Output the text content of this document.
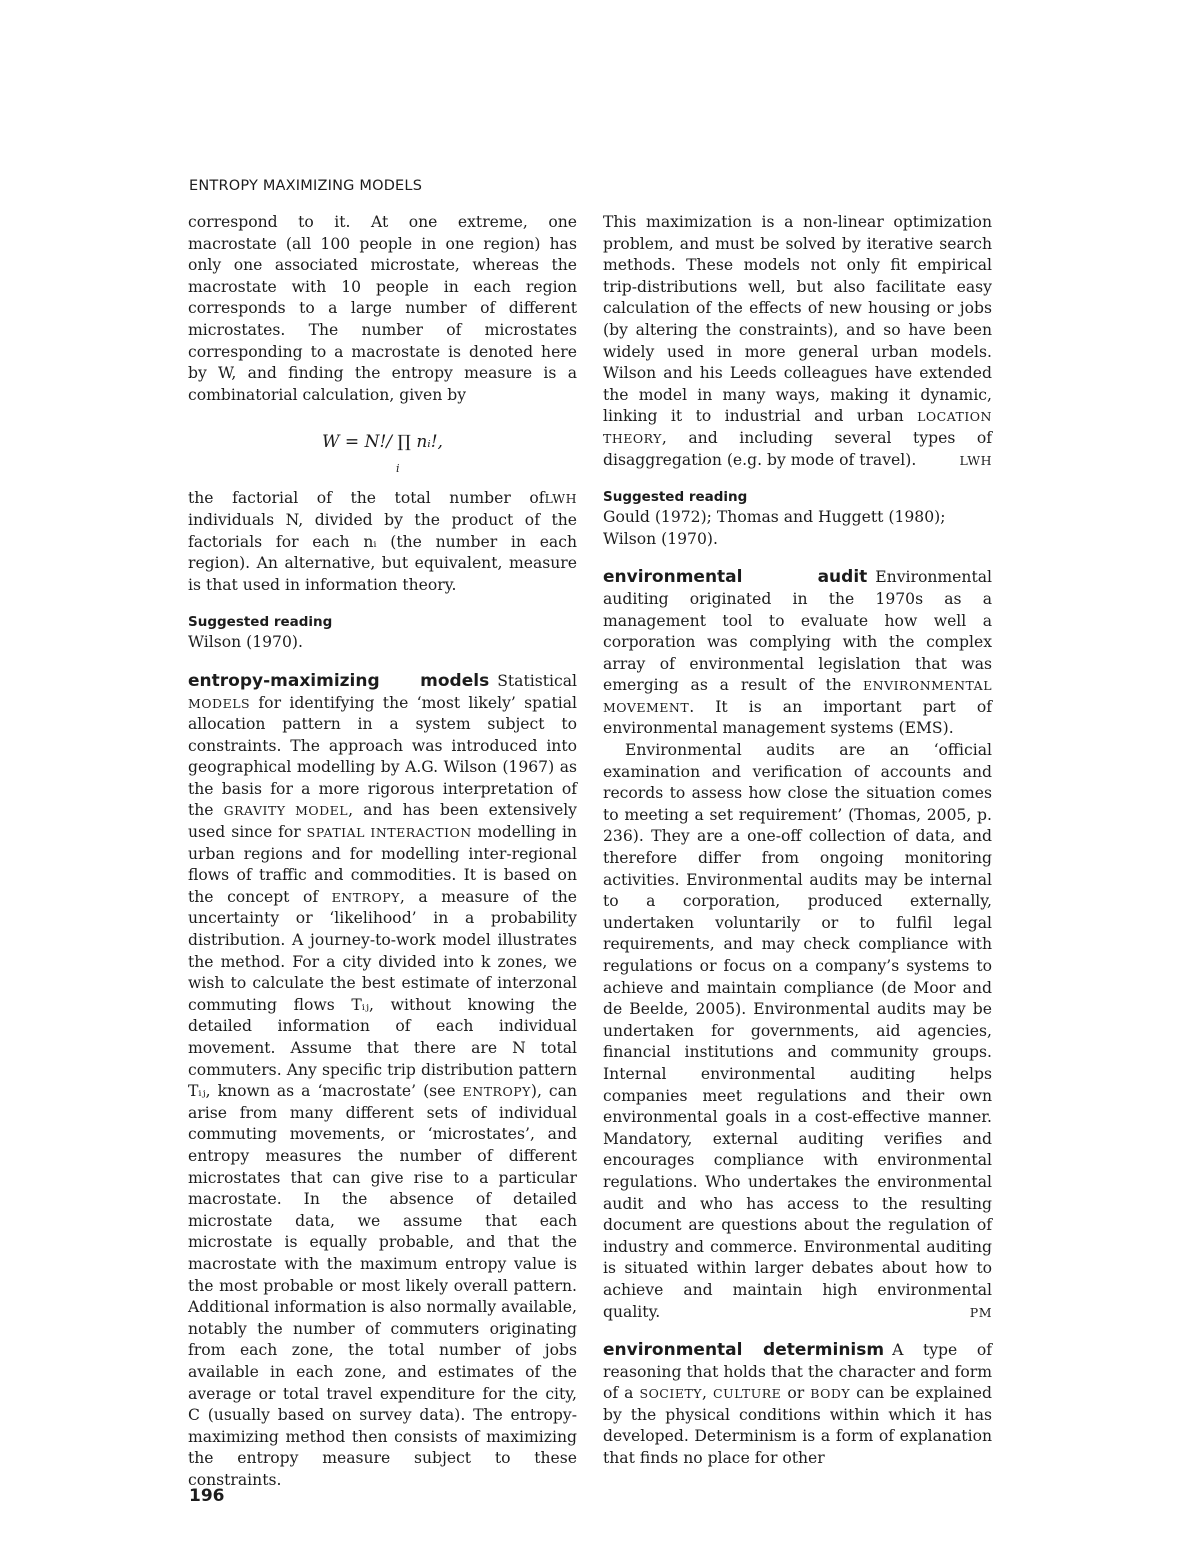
ENTROPY MAXIMIZING MODELS

correspond to it. At one extreme, one macrostate (all 100 people in one region) has only one associated microstate, whereas the macrostate with 10 people in each region corresponds to a large number of different microstates. The number of microstates corresponding to a macrostate is denoted here by W, and finding the entropy measure is a combinatorial calculation, given by

W = N!/ ∏ nᵢ!,
i

LWH
the factorial of the total number of individuals N, divided by the product of the factorials for each nᵢ (the number in each region). An alternative, but equivalent, measure is that used in information theory.

Suggested reading

Wilson (1970).

entropy-maximizing models Statistical MODELS for identifying the ‘most likely’ spatial allocation pattern in a system subject to constraints. The approach was introduced into geographical modelling by A.G. Wilson (1967) as the basis for a more rigorous interpretation of the GRAVITY MODEL, and has been extensively used since for SPATIAL INTERACTION modelling in urban regions and for modelling inter-regional flows of traffic and commodities. It is based on the concept of ENTROPY, a measure of the uncertainty or ‘likelihood’ in a probability distribution. A journey-to-work model illustrates the method. For a city divided into k zones, we wish to calculate the best estimate of interzonal commuting flows Tᵢⱼ, without knowing the detailed information of each individual movement. Assume that there are N total commuters. Any specific trip distribution pattern Tᵢⱼ, known as a ‘macrostate’ (see ENTROPY), can arise from many different sets of individual commuting movements, or ‘microstates’, and entropy measures the number of different microstates that can give rise to a particular macrostate. In the absence of detailed microstate data, we assume that each microstate is equally probable, and that the macrostate with the maximum entropy value is the most probable or most likely overall pattern. Additional information is also normally available, notably the number of commuters originating from each zone, the total number of jobs available in each zone, and estimates of the average or total travel expenditure for the city, C (usually based on survey data). The entropy-maximizing method then consists of maximizing the entropy measure subject to these constraints.

This maximization is a non-linear optimization problem, and must be solved by iterative search methods. These models not only fit empirical trip-distributions well, but also facilitate easy calculation of the effects of new housing or jobs (by altering the constraints), and so have been widely used in more general urban models. Wilson and his Leeds colleagues have extended the model in many ways, making it dynamic, linking it to industrial and urban LOCATION THEORY, and including several types of disaggregation (e.g. by mode of travel).	LWH

Suggested reading

Gould (1972); Thomas and Huggett (1980); Wilson (1970).

environmental audit Environmental auditing originated in the 1970s as a management tool to evaluate how well a corporation was complying with the complex array of environmental legislation that was emerging as a result of the ENVIRONMENTAL MOVEMENT. It is an important part of environmental management systems (EMS).

Environmental audits are an ‘official examination and verification of accounts and records to assess how close the situation comes to meeting a set requirement’ (Thomas, 2005, p. 236). They are a one-off collection of data, and therefore differ from ongoing monitoring activities. Environmental audits may be internal to a corporation, produced externally, undertaken voluntarily or to fulfil legal requirements, and may check compliance with regulations or focus on a company’s systems to achieve and maintain compliance (de Moor and de Beelde, 2005). Environmental audits may be undertaken for governments, aid agencies, financial institutions and community groups. Internal environmental auditing helps companies meet regulations and their own environmental goals in a cost-effective manner. Mandatory, external auditing verifies and encourages compliance with environmental regulations. Who undertakes the environmental audit and who has access to the resulting document are questions about the regulation of industry and commerce. Environmental auditing is situated within larger debates about how to achieve and maintain high environmental quality.	PM

environmental determinism A type of reasoning that holds that the character and form of a SOCIETY, CULTURE or BODY can be explained by the physical conditions within which it has developed. Determinism is a form of explanation that finds no place for other

196
